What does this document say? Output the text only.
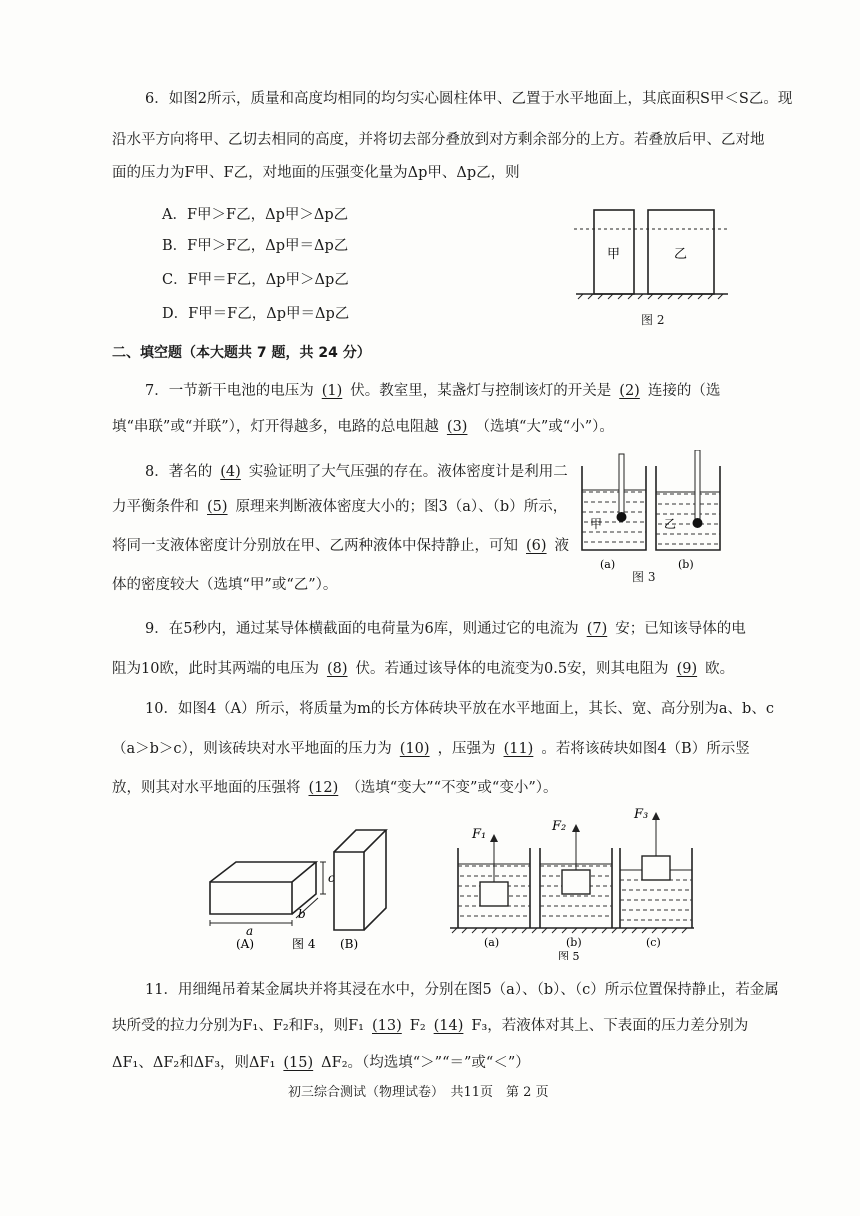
6．如图2所示，质量和高度均相同的均匀实心圆柱体甲、乙置于水平地面上，其底面积S甲＜S乙。现
沿水平方向将甲、乙切去相同的高度，并将切去部分叠放到对方剩余部分的上方。若叠放后甲、乙对地
面的压力为F甲、F乙，对地面的压强变化量为Δp甲、Δp乙，则
A．F甲＞F乙，Δp甲＞Δp乙
B．F甲＞F乙，Δp甲＝Δp乙
C．F甲＝F乙，Δp甲＞Δp乙
D．F甲＝F乙，Δp甲＝Δp乙
甲	乙
图 2
二、填空题（本大题共 7 题，共 24 分）
7．一节新干电池的电压为 (1) 伏。教室里，某盏灯与控制该灯的开关是 (2) 连接的（选
填“串联”或“并联”），灯开得越多，电路的总电阻越 (3) （选填“大”或“小”）。
8．著名的 (4) 实验证明了大气压强的存在。液体密度计是利用二
力平衡条件和 (5) 原理来判断液体密度大小的；图3（a）、（b）所示，
将同一支液体密度计分别放在甲、乙两种液体中保持静止，可知 (6) 液
体的密度较大（选填“甲”或“乙”）。
甲	乙
(a)	(b)
图 3
9．在5秒内，通过某导体横截面的电荷量为6库，则通过它的电流为 (7) 安；已知该导体的电
阻为10欧，此时其两端的电压为 (8) 伏。若通过该导体的电流变为0.5安，则其电阻为 (9) 欧。
10．如图4（A）所示，将质量为m的长方体砖块平放在水平地面上，其长、宽、高分别为a、b、c
（a＞b＞c），则该砖块对水平地面的压力为 (10) ，压强为 (11) 。若将该砖块如图4（B）所示竖
放，则其对水平地面的压强将 (12) （选填“变大”“不变”或“变小”）。
a
b
c
(A)	图 4 (B)
F₁
F₂
F₃
(a)	(b)	(c)
图 5
11．用细绳吊着某金属块并将其浸在水中，分别在图5（a）、（b）、（c）所示位置保持静止，若金属
块所受的拉力分别为F₁、F₂和F₃，则F₁ (13) F₂ (14) F₃，若液体对其上、下表面的压力差分别为
ΔF₁、ΔF₂和ΔF₃，则ΔF₁ (15) ΔF₂。（均选填“＞”“＝”或“＜”）
初三综合测试（物理试卷）　共11页　第 2 页
